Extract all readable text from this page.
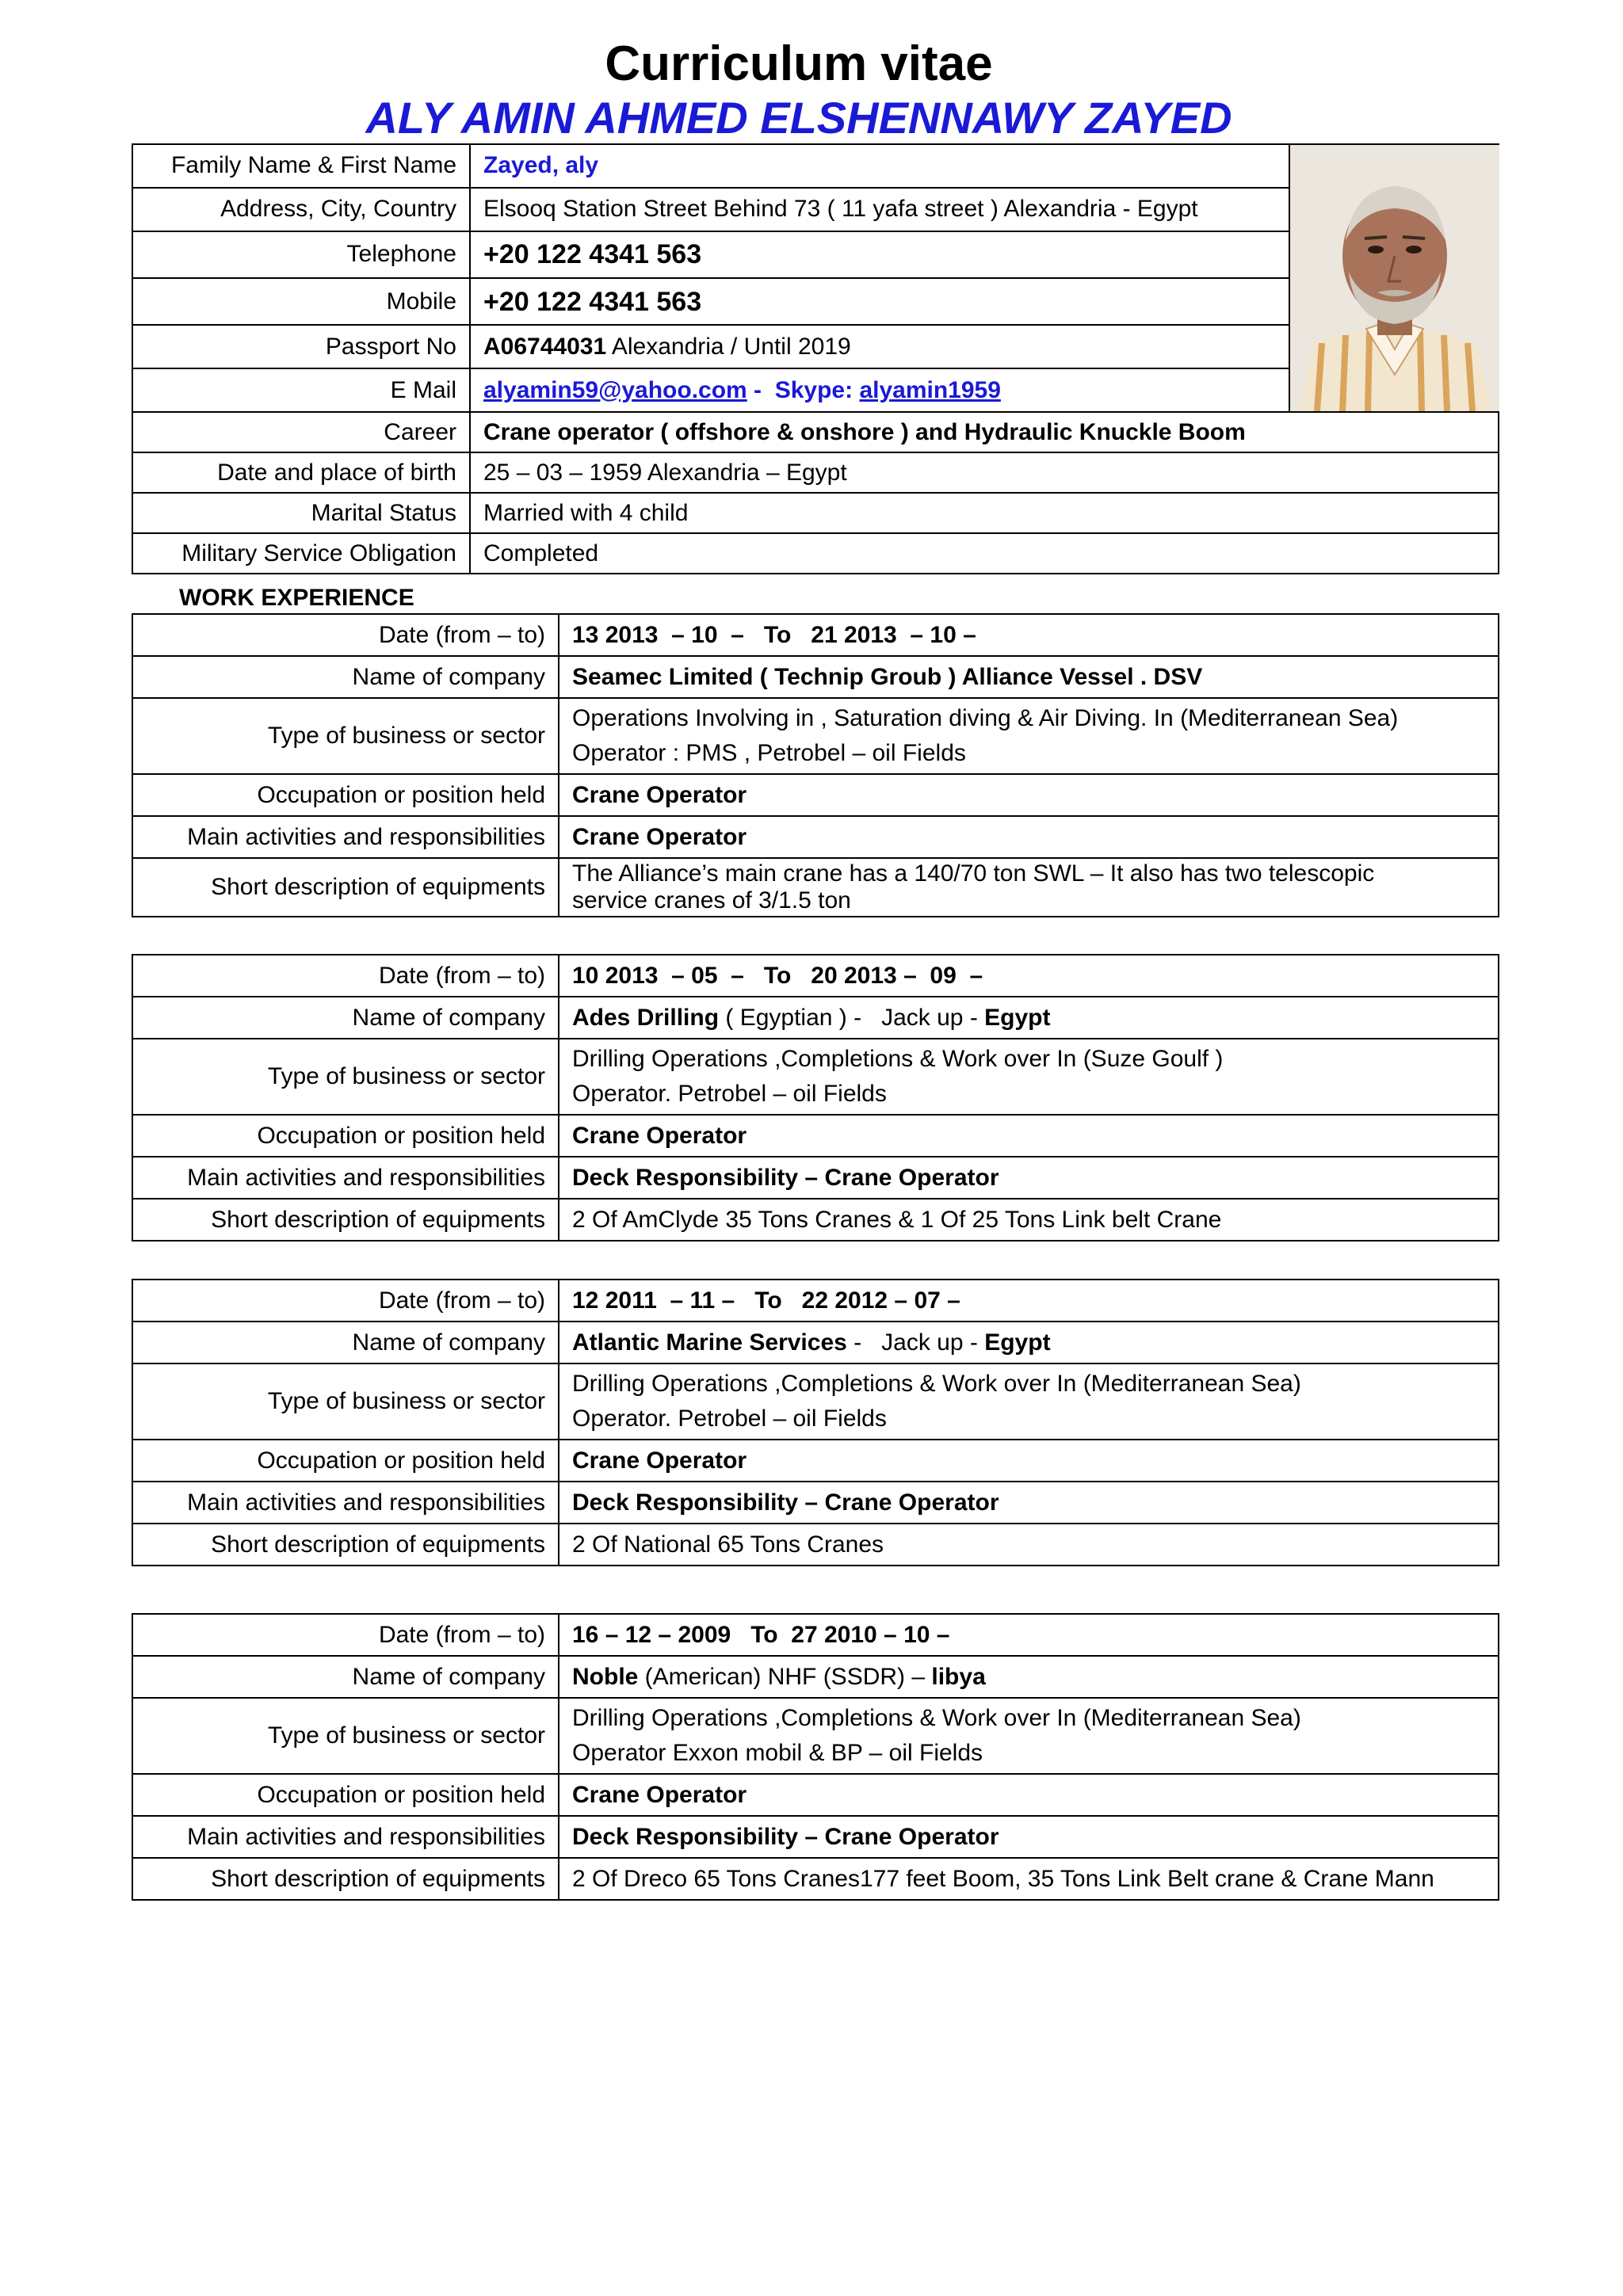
Curriculum vitae
ALY AMIN AHMED ELSHENNAWY ZAYED
Family Name & First Name	Zayed, aly	

Address, City, Country	Elsooq Station Street Behind 73 ( 11 yafa street ) Alexandria - Egypt	
Telephone	+20 122 4341 563	
Mobile	+20 122 4341 563	
Passport No	A06744031 Alexandria / Until 2019	
E Mail	alyamin59@yahoo.com -  Skype: alyamin1959	
Career	Crane operator ( offshore & onshore ) and Hydraulic Knuckle Boom	
Date and place of birth	25 – 03 – 1959 Alexandria – Egypt	
Marital Status	Married with 4 child	
Military Service Obligation	Completed	
WORK EXPERIENCE
Date (from – to)	13 2013  – 10  –   To   21 2013  – 10 –
Name of company	Seamec Limited ( Technip Groub ) Alliance Vessel . DSV
Type of business or sector	Operations Involving in , Saturation diving & Air Diving. In (Mediterranean Sea)
Operator : PMS , Petrobel – oil Fields

Occupation or position held	Crane Operator
Main activities and responsibilities	Crane Operator
Short description of equipments	The Alliance’s main crane has a 140/70 ton SWL – It also has two telescopic
service cranes of 3/1.5 ton
Date (from – to)	10 2013  – 05  –   To   20 2013 –  09  –
Name of company	Ades Drilling ( Egyptian ) -   Jack up - Egypt
Type of business or sector	Drilling Operations ,Completions & Work over In (Suze Goulf )
Operator. Petrobel – oil Fields

Occupation or position held	Crane Operator
Main activities and responsibilities	Deck Responsibility – Crane Operator
Short description of equipments	2 Of AmClyde 35 Tons Cranes & 1 Of 25 Tons Link belt Crane
Date (from – to)	12 2011  – 11 –   To   22 2012 – 07 –
Name of company	Atlantic Marine Services -   Jack up - Egypt
Type of business or sector	Drilling Operations ,Completions & Work over In (Mediterranean Sea)
Operator. Petrobel – oil Fields

Occupation or position held	Crane Operator
Main activities and responsibilities	Deck Responsibility – Crane Operator
Short description of equipments	2 Of National 65 Tons Cranes
Date (from – to)	16 – 12 – 2009   To  27 2010 – 10 –
Name of company	Noble (American) NHF (SSDR) – libya
Type of business or sector	Drilling Operations ,Completions & Work over In (Mediterranean Sea)
Operator Exxon mobil & BP – oil Fields

Occupation or position held	Crane Operator
Main activities and responsibilities	Deck Responsibility – Crane Operator
Short description of equipments	2 Of Dreco 65 Tons Cranes177 feet Boom, 35 Tons Link Belt crane & Crane Mann
